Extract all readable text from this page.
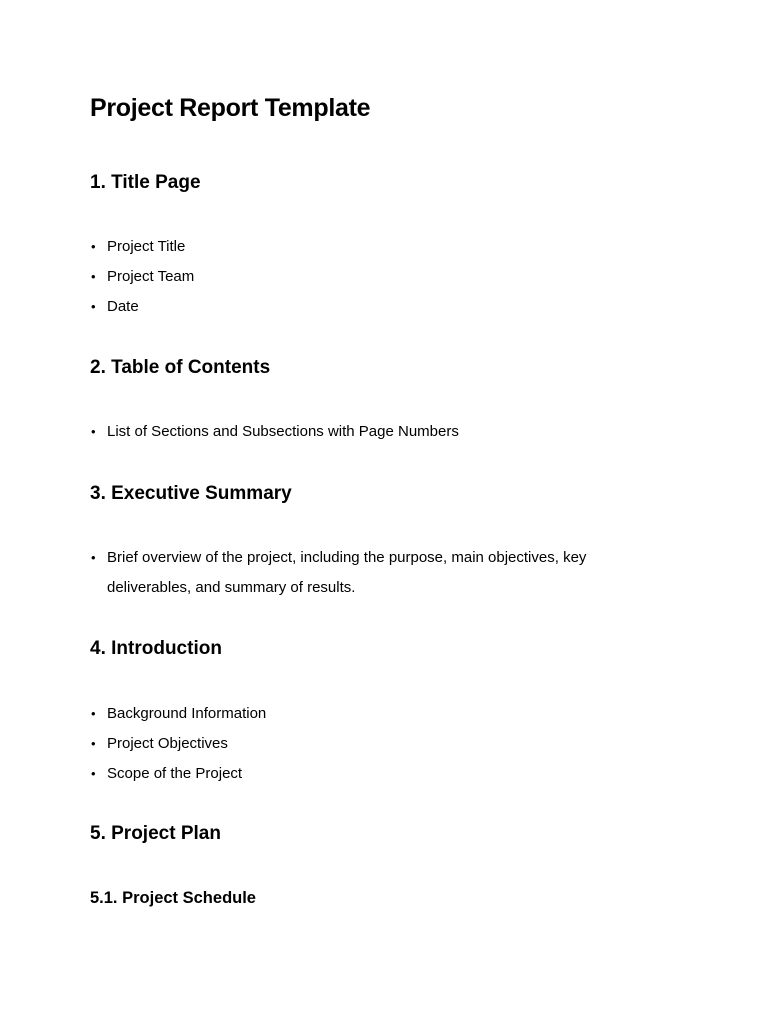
Project Report Template
1. Title Page
• Project Title
• Project Team
• Date
2. Table of Contents
• List of Sections and Subsections with Page Numbers
3. Executive Summary
• Brief overview of the project, including the purpose, main objectives, key deliverables, and summary of results.
4. Introduction
• Background Information
• Project Objectives
• Scope of the Project
5. Project Plan
5.1. Project Schedule
